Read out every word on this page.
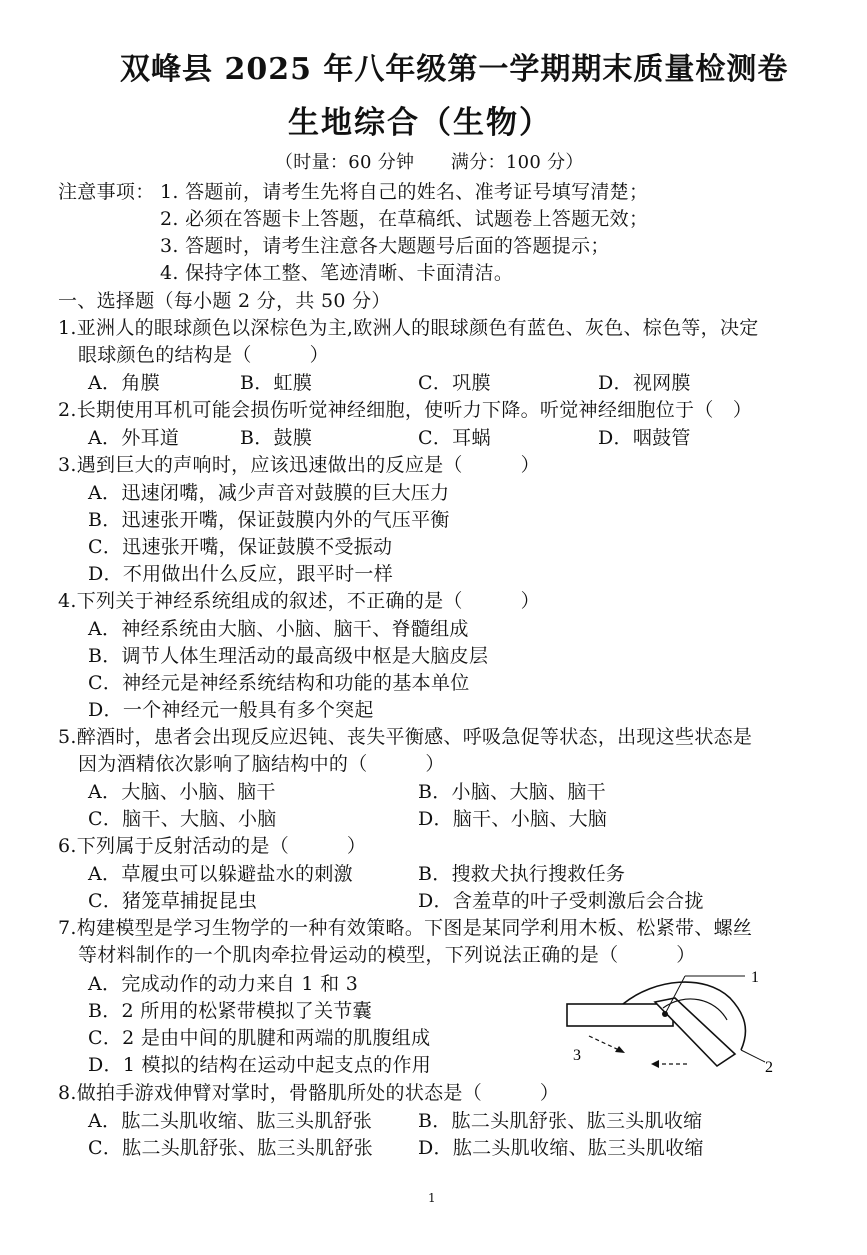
双峰县 2025 年八年级第一学期期末质量检测卷
生地综合（生物）
（时量：60 分钟　　满分：100 分）
注意事项： 1. 答题前，请考生先将自己的姓名、准考证号填写清楚；
2. 必须在答题卡上答题，在草稿纸、试题卷上答题无效；
3. 答题时，请考生注意各大题题号后面的答题提示；
4. 保持字体工整、笔迹清晰、卡面清洁。
一、选择题（每小题 2 分，共 50 分）
1.亚洲人的眼球颜色以深棕色为主,欧洲人的眼球颜色有蓝色、灰色、棕色等，决定
眼球颜色的结构是（　　　）
A．角膜	B．虹膜	C．巩膜	D．视网膜
2.长期使用耳机可能会损伤听觉神经细胞，使听力下降。听觉神经细胞位于（　）
A．外耳道	B．鼓膜	C．耳蜗	D．咽鼓管
3.遇到巨大的声响时，应该迅速做出的反应是（　　　）
A．迅速闭嘴，减少声音对鼓膜的巨大压力
B．迅速张开嘴，保证鼓膜内外的气压平衡
C．迅速张开嘴，保证鼓膜不受振动
D．不用做出什么反应，跟平时一样
4.下列关于神经系统组成的叙述，不正确的是（　　　）
A．神经系统由大脑、小脑、脑干、脊髓组成
B．调节人体生理活动的最高级中枢是大脑皮层
C．神经元是神经系统结构和功能的基本单位
D．一个神经元一般具有多个突起
5.醉酒时，患者会出现反应迟钝、丧失平衡感、呼吸急促等状态，出现这些状态是
因为酒精依次影响了脑结构中的（　　　）
A．大脑、小脑、脑干	B．小脑、大脑、脑干
C．脑干、大脑、小脑	D．脑干、小脑、大脑
6.下列属于反射活动的是（　　　）
A．草履虫可以躲避盐水的刺激	B．搜救犬执行搜救任务
C．猪笼草捕捉昆虫	D．含羞草的叶子受刺激后会合拢
7.构建模型是学习生物学的一种有效策略。下图是某同学利用木板、松紧带、螺丝
等材料制作的一个肌肉牵拉骨运动的模型，下列说法正确的是（　　　）
A．完成动作的动力来自 1 和 3
B．2 所用的松紧带模拟了关节囊
C．2 是由中间的肌腱和两端的肌腹组成
D．1 模拟的结构在运动中起支点的作用
1
2
3
8.做拍手游戏伸臂对掌时，骨骼肌所处的状态是（　　　）
A．肱二头肌收缩、肱三头肌舒张 B．肱二头肌舒张、肱三头肌收缩
C．肱二头肌舒张、肱三头肌舒张 D．肱二头肌收缩、肱三头肌收缩
1
